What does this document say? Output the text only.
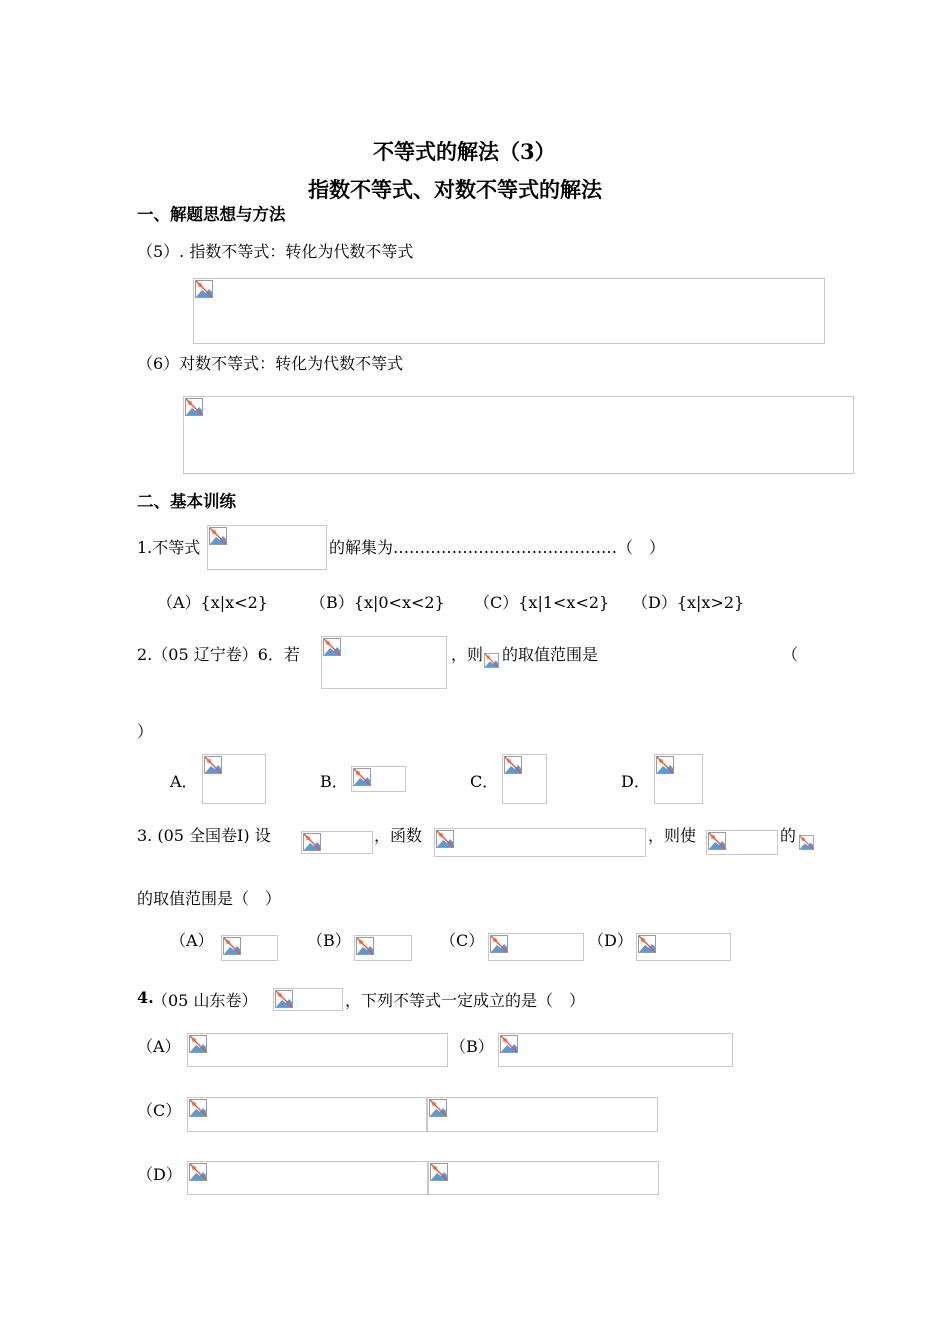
不等式的解法（3）
指数不等式、对数不等式的解法
一、解题思想与方法
（5）. 指数不等式：转化为代数不等式
（6）对数不等式：转化为代数不等式
二、基本训练
1.不等式	的解集为……………………………………（　）
（A）{x|x<2}	（B）{x|0<x<2} （C）{x|1<x<2} （D）{x|x>2}
2.（05 辽宁卷）6．若	，则 的取值范围是	（
）
A．	B．	C．	D．
3. (05 全国卷Ⅰ) 设	，函数	，则使	的
的取值范围是（　）
（A）	（B）	（C）	（D）
4.
（05 山东卷）	，下列不等式一定成立的是（　）
（A）	（B）
（C）
（D）
